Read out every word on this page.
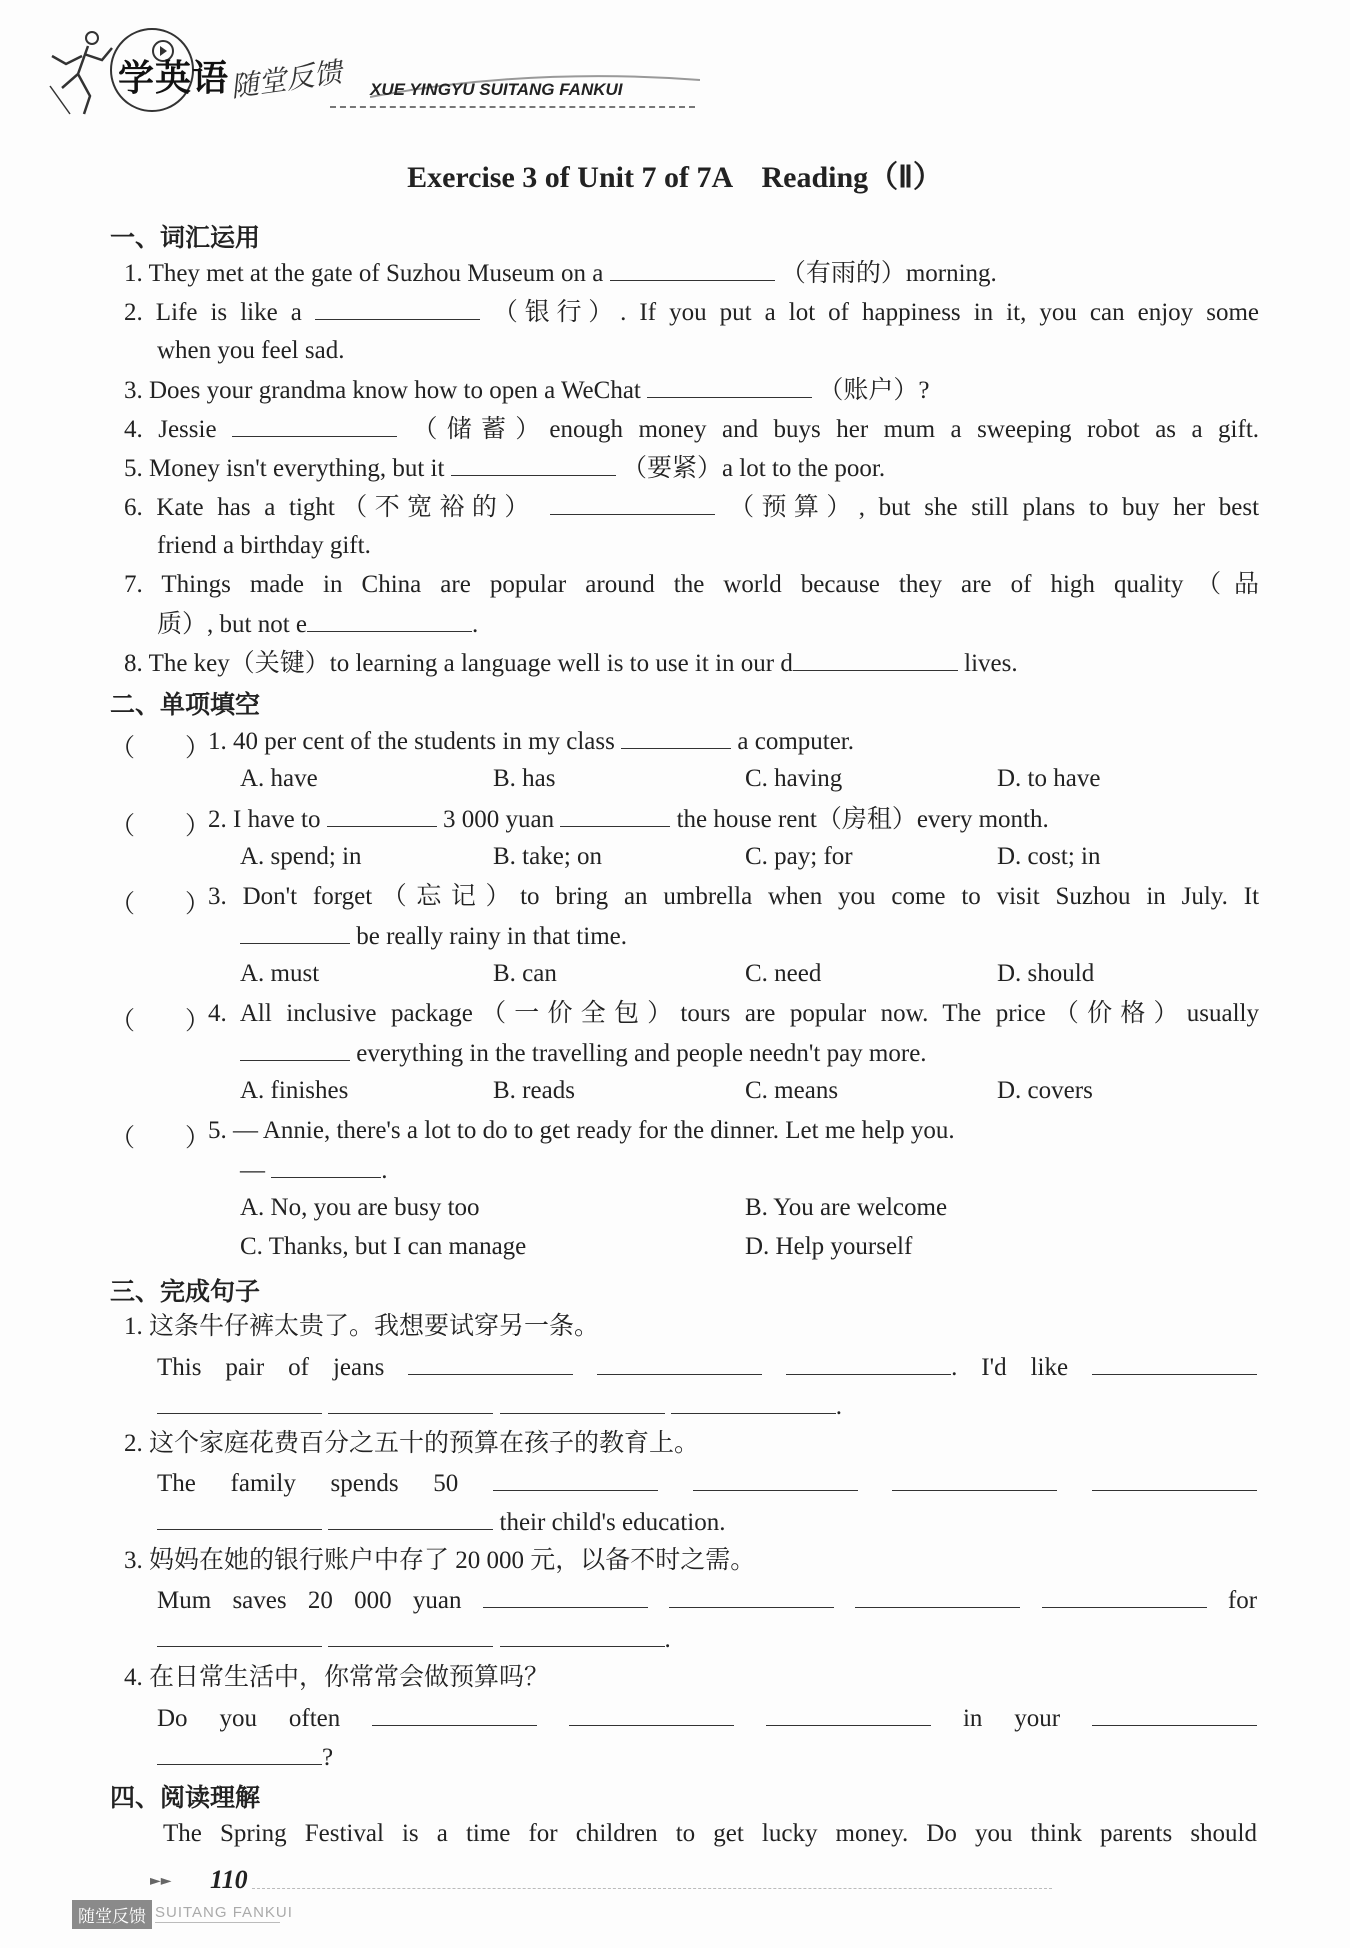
学英语 随堂反馈 XUE YINGYU SUITANG FANKUI
Exercise 3 of Unit 7 of 7A　Reading（Ⅱ）
一、词汇运用
1. They met at the gate of Suzhou Museum on a	（有雨的）morning.
2. Life is like a	（银行）. If you put a lot of happiness in it, you can enjoy some
when you feel sad.
3. Does your grandma know how to open a WeChat	（账户）?
4. Jessie	（储蓄）enough money and buys her mum a sweeping robot as a gift.
5. Money isn't everything, but it	（要紧）a lot to the poor.
6. Kate has a tight（不宽裕的）	（预算）, but she still plans to buy her best
friend a birthday gift.
7. Things made in China are popular around the world because they are of high quality（品
质）, but not e	.
8. The key（关键）to learning a language well is to use it in our d	lives.
二、单项填空
（　　）
1. 40 per cent of the students in my class	a computer.
A. have	B. has	C. having	D. to have
（　　）
2. I have to	3 000 yuan	the house rent（房租）every month.
A. spend; in	B. take; on	C. pay; for	D. cost; in
（　　）
3. Don't forget（忘记）to bring an umbrella when you come to visit Suzhou in July. It
be really rainy in that time.
A. must	B. can	C. need	D. should
（　　）
4. All inclusive package（一价全包）tours are popular now. The price（价格）usually
everything in the travelling and people needn't pay more.
A. finishes	B. reads	C. means	D. covers
（　　）
5. — Annie, there's a lot to do to get ready for the dinner. Let me help you.
—	.
A. No, you are busy too	B. You are welcome
C. Thanks, but I can manage	D. Help yourself
三、完成句子
1. 这条牛仔裤太贵了。我想要试穿另一条。
This pair of jeans	. I'd like
.
2. 这个家庭花费百分之五十的预算在孩子的教育上。
The family spends 50
their child's education.
3. 妈妈在她的银行账户中存了 20 000 元，以备不时之需。
Mum saves 20 000 yuan	for
.
4. 在日常生活中，你常常会做预算吗？
Do you often	in your
?
四、阅读理解
The Spring Festival is a time for children to get lucky money. Do you think parents should
►► 110
随堂反馈 SUITANG FANKUI
